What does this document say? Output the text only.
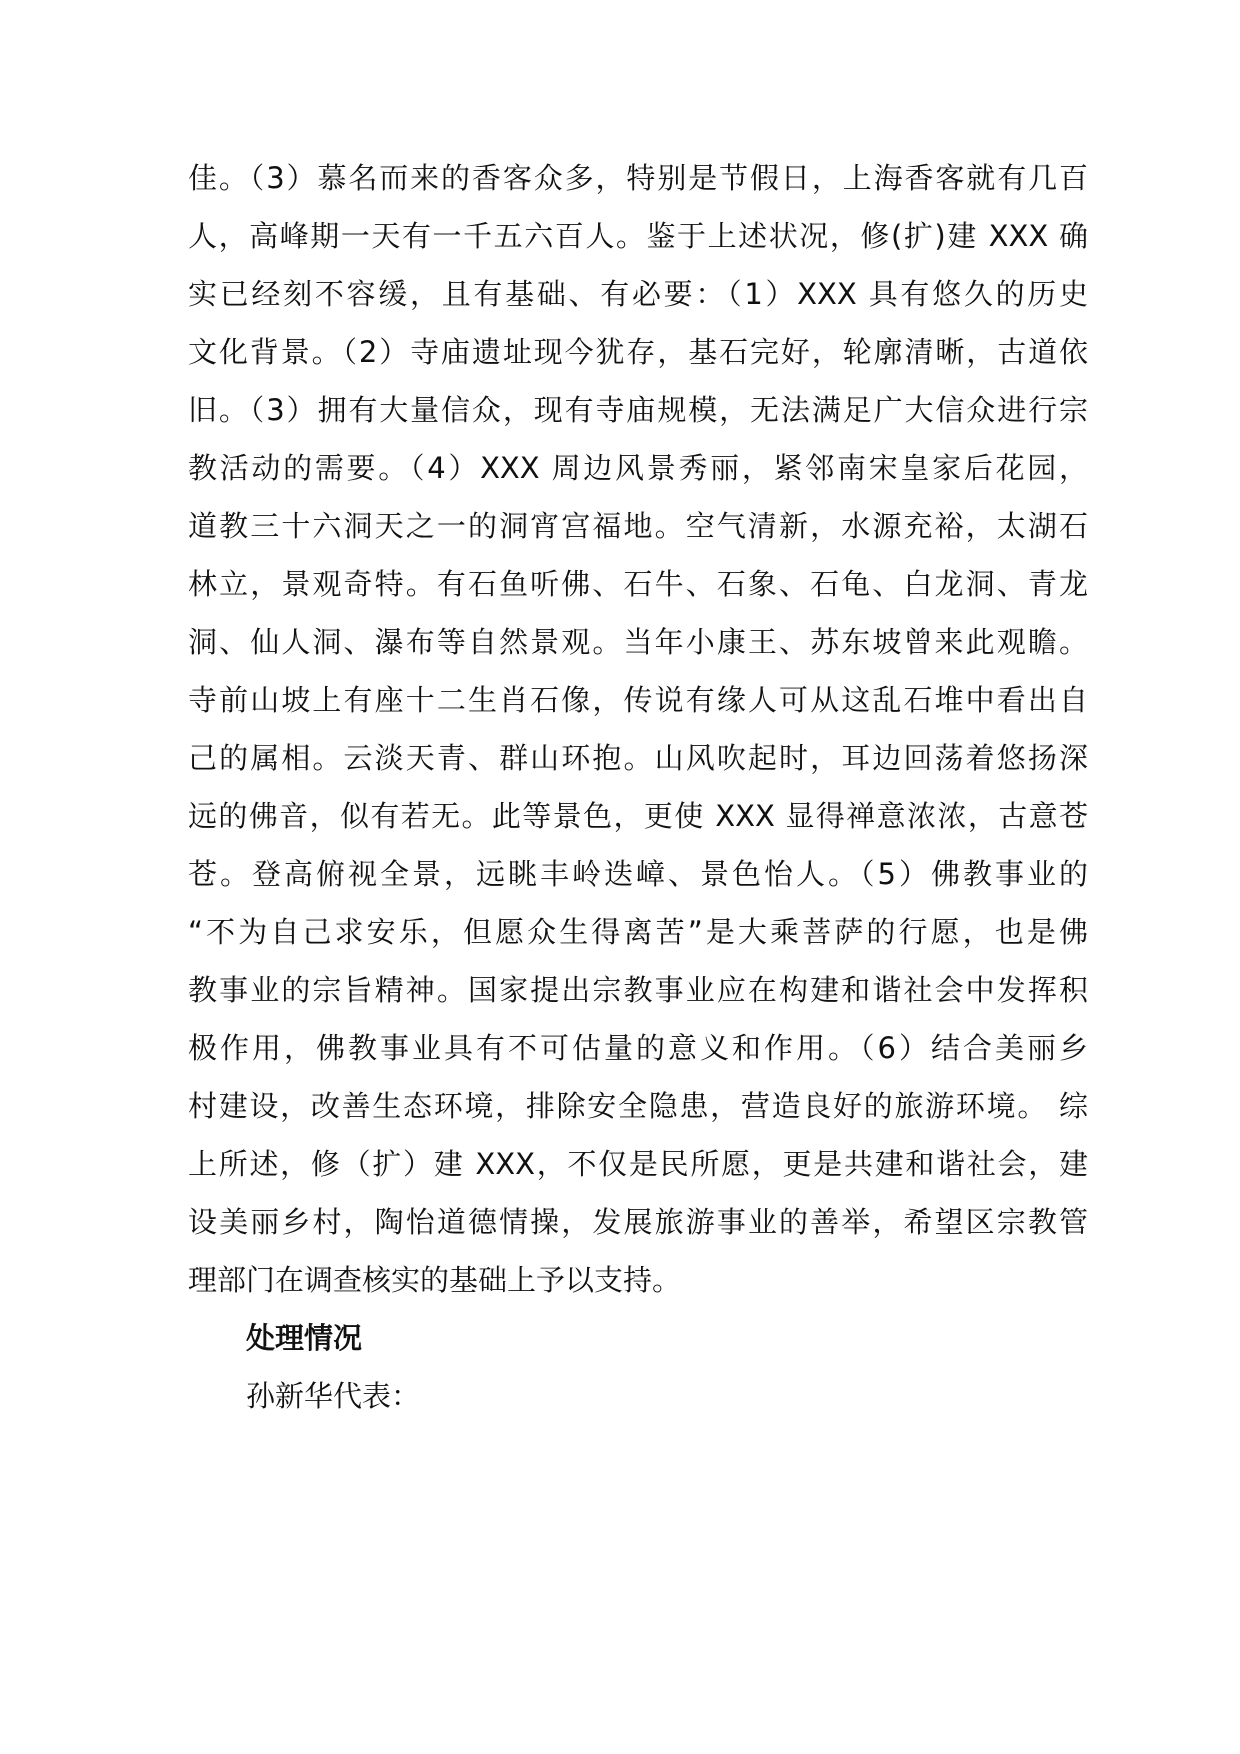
佳。（3）慕名而来的香客众多，特别是节假日，上海香客就有几百
人，高峰期一天有一千五六百人。鉴于上述状况，修(扩)建 XXX 确
实已经刻不容缓，且有基础、有必要：（1）XXX 具有悠久的历史
文化背景。（2）寺庙遗址现今犹存，基石完好，轮廓清晰，古道依
旧。（3）拥有大量信众，现有寺庙规模，无法满足广大信众进行宗
教活动的需要。（4）XXX 周边风景秀丽，紧邻南宋皇家后花园，
道教三十六洞天之一的洞宵宫福地。空气清新，水源充裕，太湖石
林立，景观奇特。有石鱼听佛、石牛、石象、石龟、白龙洞、青龙
洞、仙人洞、瀑布等自然景观。当年小康王、苏东坡曾来此观瞻。
寺前山坡上有座十二生肖石像，传说有缘人可从这乱石堆中看出自
己的属相。云淡天青、群山环抱。山风吹起时，耳边回荡着悠扬深
远的佛音，似有若无。此等景色，更使 XXX 显得禅意浓浓，古意苍
苍。登高俯视全景，远眺丰岭迭嶂、景色怡人。（5）佛教事业的
“不为自己求安乐，但愿众生得离苦”是大乘菩萨的行愿，也是佛
教事业的宗旨精神。国家提出宗教事业应在构建和谐社会中发挥积
极作用，佛教事业具有不可估量的意义和作用。（6）结合美丽乡
村建设，改善生态环境，排除安全隐患，营造良好的旅游环境。 综
上所述，修（扩）建 XXX，不仅是民所愿，更是共建和谐社会，建
设美丽乡村，陶怡道德情操，发展旅游事业的善举，希望区宗教管
理部门在调查核实的基础上予以支持。
处理情况
孙新华代表：
